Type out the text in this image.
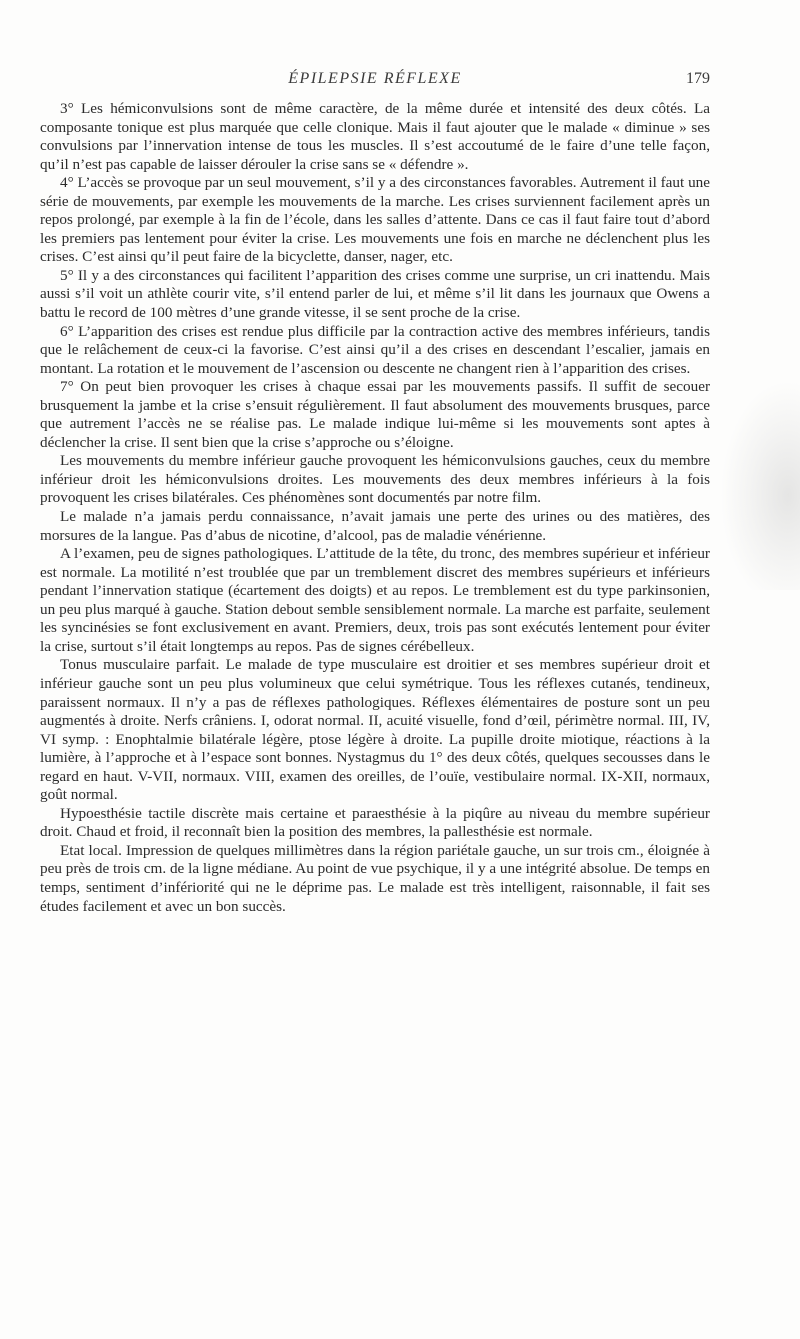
ÉPILEPSIE RÉFLEXE	179

3° Les hémiconvulsions sont de même caractère, de la même durée et intensité des deux côtés. La composante tonique est plus marquée que celle clonique. Mais il faut ajouter que le malade « diminue » ses convulsions par l’innervation intense de tous les muscles. Il s’est accoutumé de le faire d’une telle façon, qu’il n’est pas capable de laisser dérouler la crise sans se « défendre ».

4° L’accès se provoque par un seul mouvement, s’il y a des circonstances favorables. Autrement il faut une série de mouvements, par exemple les mouvements de la marche. Les crises surviennent facilement après un repos prolongé, par exemple à la fin de l’école, dans les salles d’attente. Dans ce cas il faut faire tout d’abord les premiers pas lentement pour éviter la crise. Les mouvements une fois en marche ne déclenchent plus les crises. C’est ainsi qu’il peut faire de la bicyclette, danser, nager, etc.

5° Il y a des circonstances qui facilitent l’apparition des crises comme une surprise, un cri inattendu. Mais aussi s’il voit un athlète courir vite, s’il entend parler de lui, et même s’il lit dans les journaux que Owens a battu le record de 100 mètres d’une grande vitesse, il se sent proche de la crise.

6° L’apparition des crises est rendue plus difficile par la contraction active des membres inférieurs, tandis que le relâchement de ceux-ci la favorise. C’est ainsi qu’il a des crises en descendant l’escalier, jamais en montant. La rotation et le mouvement de l’ascension ou descente ne changent rien à l’apparition des crises.

7° On peut bien provoquer les crises à chaque essai par les mouvements passifs. Il suffit de secouer brusquement la jambe et la crise s’ensuit régulièrement. Il faut absolument des mouvements brusques, parce que autrement l’accès ne se réalise pas. Le malade indique lui-même si les mouvements sont aptes à déclencher la crise. Il sent bien que la crise s’approche ou s’éloigne.

Les mouvements du membre inférieur gauche provoquent les hémiconvulsions gauches, ceux du membre inférieur droit les hémiconvulsions droites. Les mouvements des deux membres inférieurs à la fois provoquent les crises bilatérales. Ces phénomènes sont documentés par notre film.

Le malade n’a jamais perdu connaissance, n’avait jamais une perte des urines ou des matières, des morsures de la langue. Pas d’abus de nicotine, d’alcool, pas de maladie vénérienne.

A l’examen, peu de signes pathologiques. L’attitude de la tête, du tronc, des membres supérieur et inférieur est normale. La motilité n’est troublée que par un tremblement discret des membres supérieurs et inférieurs pendant l’innervation statique (écartement des doigts) et au repos. Le tremblement est du type parkinsonien, un peu plus marqué à gauche. Station debout semble sensiblement normale. La marche est parfaite, seulement les syncinésies se font exclusivement en avant. Premiers, deux, trois pas sont exécutés lentement pour éviter la crise, surtout s’il était longtemps au repos. Pas de signes cérébelleux.

Tonus musculaire parfait. Le malade de type musculaire est droitier et ses membres supérieur droit et inférieur gauche sont un peu plus volumineux que celui symétrique. Tous les réflexes cutanés, tendineux, paraissent normaux. Il n’y a pas de réflexes pathologiques. Réflexes élémentaires de posture sont un peu augmentés à droite. Nerfs crâniens. I, odorat normal. II, acuité visuelle, fond d’œil, périmètre normal. III, IV, VI symp. : Enophtalmie bilatérale légère, ptose légère à droite. La pupille droite miotique, réactions à la lumière, à l’approche et à l’espace sont bonnes. Nystagmus du 1° des deux côtés, quelques secousses dans le regard en haut. V-VII, normaux. VIII, examen des oreilles, de l’ouïe, vestibulaire normal. IX-XII, normaux, goût normal.

Hypoesthésie tactile discrète mais certaine et paraesthésie à la piqûre au niveau du membre supérieur droit. Chaud et froid, il reconnaît bien la position des membres, la pallesthésie est normale.

Etat local. Impression de quelques millimètres dans la région pariétale gauche, un sur trois cm., éloignée à peu près de trois cm. de la ligne médiane. Au point de vue psychique, il y a une intégrité absolue. De temps en temps, sentiment d’infériorité qui ne le déprime pas. Le malade est très intelligent, raisonnable, il fait ses études facilement et avec un bon succès.
